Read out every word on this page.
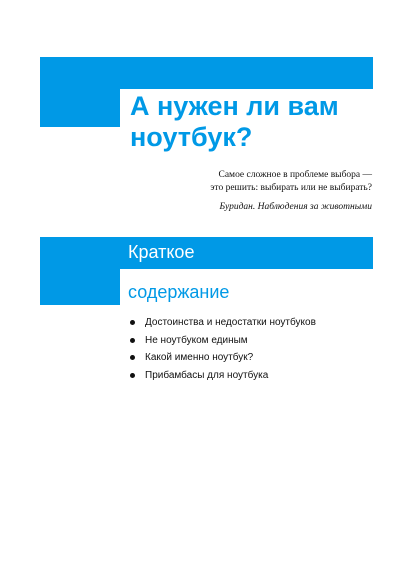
А нужен ли вам
ноутбук?
Самое сложное в проблеме выбора —
это решить: выбирать или не выбирать?
Буридан. Наблюдения за животными
Краткое
содержание
Достоинства и недостатки ноутбуков
Не ноутбуком единым
Какой именно ноутбук?
Прибамбасы для ноутбука
